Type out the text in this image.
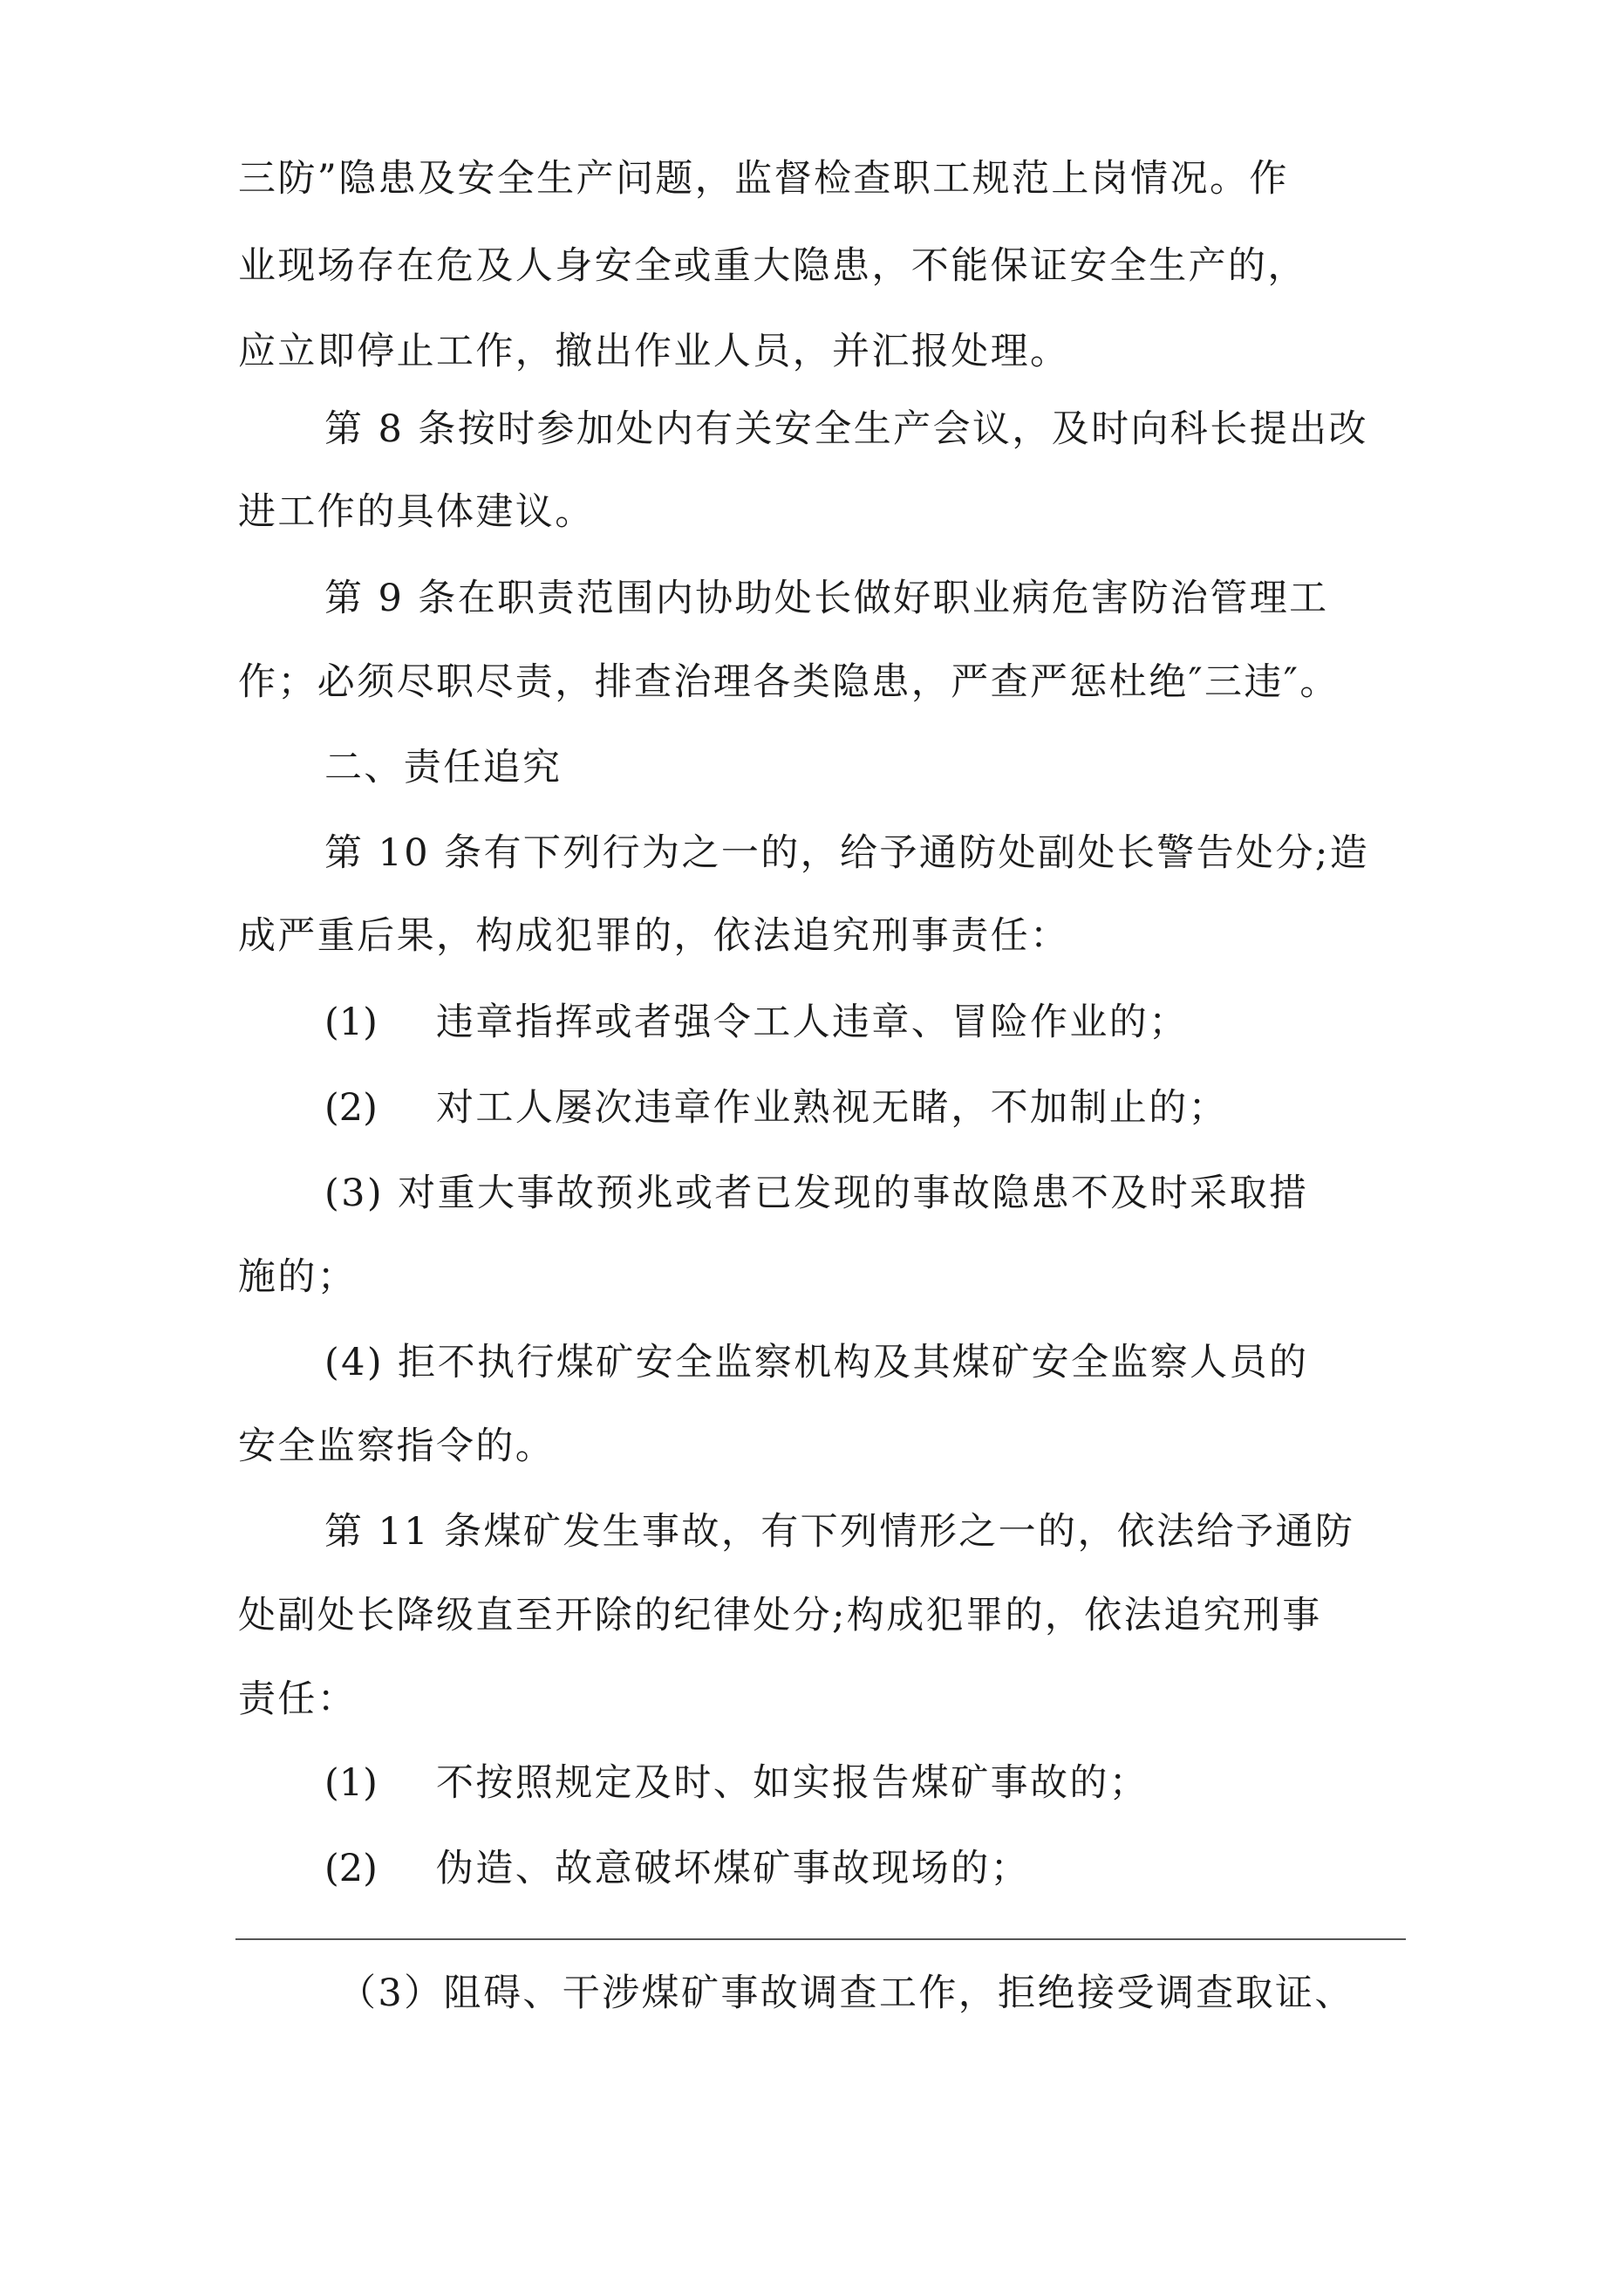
三防”隐患及安全生产问题，监督检查职工规范上岗情况。作
业现场存在危及人身安全或重大隐患，不能保证安全生产的，
应立即停止工作，撤出作业人员，并汇报处理。
第 8 条按时参加处内有关安全生产会议，及时向科长提出改
进工作的具体建议。
第 9 条在职责范围内协助处长做好职业病危害防治管理工
作；必须尽职尽责，排查治理各类隐患，严查严惩杜绝″三违″。
二、责任追究
第 10 条有下列行为之一的，给予通防处副处长警告处分;造
成严重后果，构成犯罪的，依法追究刑事责任：
(1) 违章指挥或者强令工人违章、冒险作业的；
(2) 对工人屡次违章作业熟视无睹，不加制止的；
(3) 对重大事故预兆或者已发现的事故隐患不及时采取措
施的；
(4) 拒不执行煤矿安全监察机构及其煤矿安全监察人员的
安全监察指令的。
第 11 条煤矿发生事故，有下列情形之一的，依法给予通防
处副处长降级直至开除的纪律处分;构成犯罪的，依法追究刑事
责任：
(1) 不按照规定及时、如实报告煤矿事故的；
(2) 伪造、故意破坏煤矿事故现场的；
（3）阻碍、干涉煤矿事故调查工作，拒绝接受调查取证、
